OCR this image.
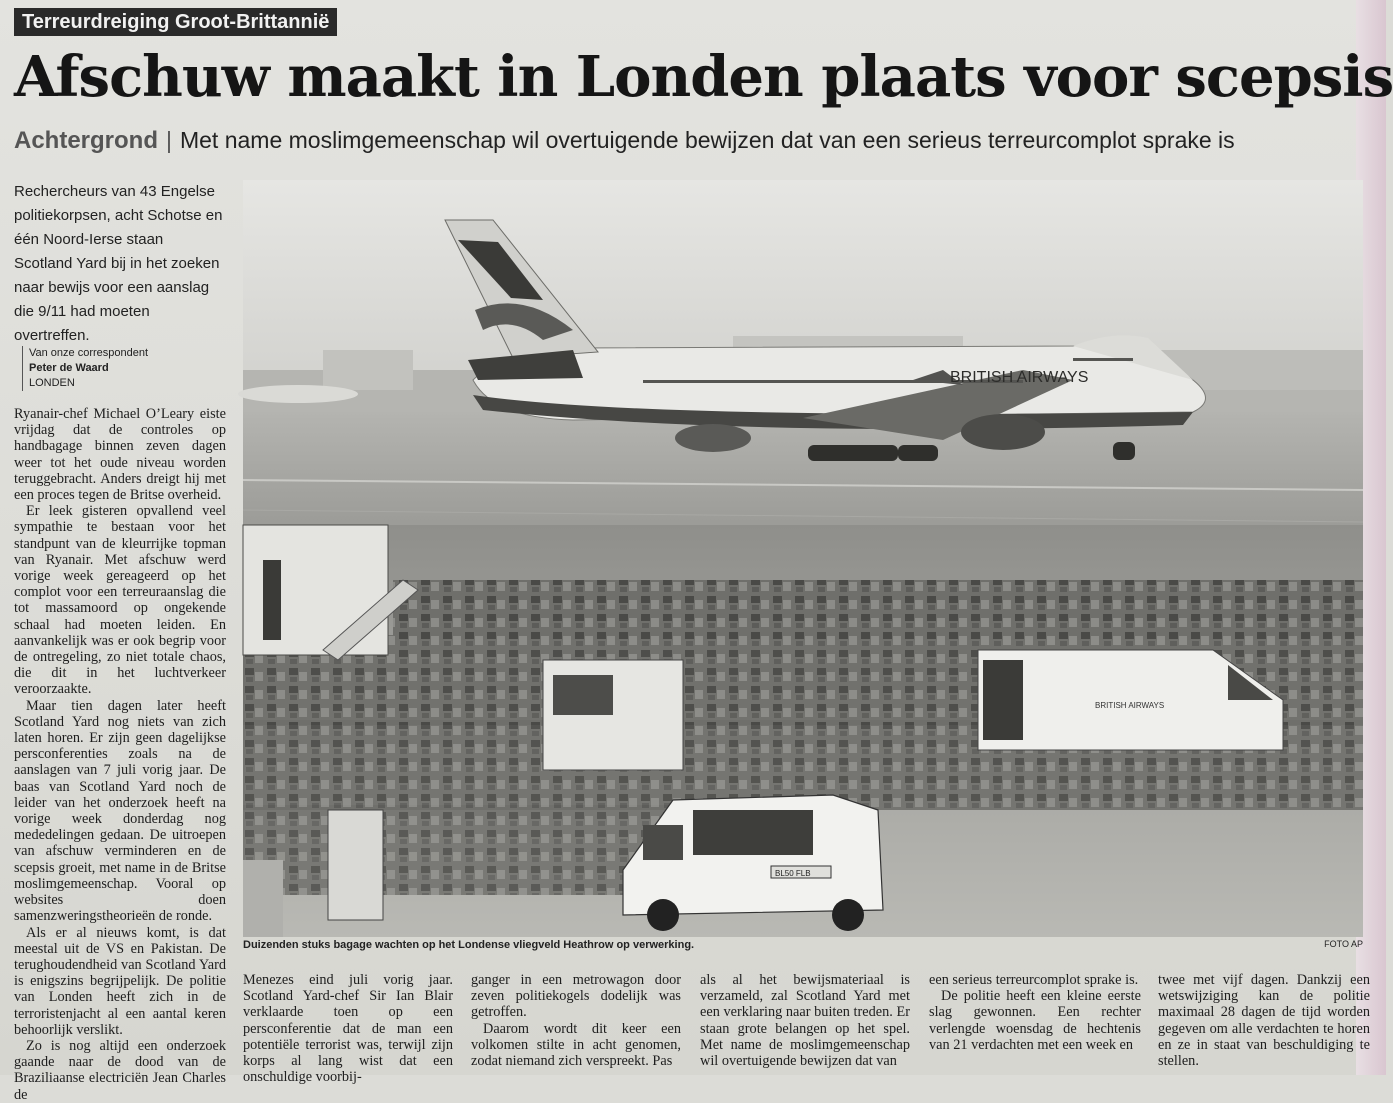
Terreurdreiging Groot-Brittannië
Afschuw maakt in Londen plaats voor scepsis
Achtergrond | Met name moslimgemeenschap wil overtuigende bewijzen dat van een serieus terreurcomplot sprake is
Rechercheurs van 43 Engelse politiekorpsen, acht Schotse en één Noord-Ierse staan Scotland Yard bij in het zoeken naar bewijs voor een aanslag die 9/11 had moeten overtreffen.
Van onze correspondent
Peter de Waard
LONDEN

Ryanair-chef Michael O’Leary eiste vrijdag dat de controles op handbagage binnen zeven dagen weer tot het oude niveau worden teruggebracht. Anders dreigt hij met een proces tegen de Britse overheid.

Er leek gisteren opvallend veel sympathie te bestaan voor het standpunt van de kleurrijke topman van Ryanair. Met afschuw werd vorige week gereageerd op het complot voor een terreuraanslag die tot massamoord op ongekende schaal had moeten leiden. En aanvankelijk was er ook begrip voor de ontregeling, zo niet totale chaos, die dit in het luchtverkeer veroorzaakte.

Maar tien dagen later heeft Scotland Yard nog niets van zich laten horen. Er zijn geen dagelijkse persconferenties zoals na de aanslagen van 7 juli vorig jaar. De baas van Scotland Yard noch de leider van het onderzoek heeft na vorige week donderdag nog mededelingen gedaan. De uitroepen van afschuw verminderen en de scepsis groeit, met name in de Britse moslimgemeenschap. Vooral op websites doen samenzweringstheorieën de ronde.

Als er al nieuws komt, is dat meestal uit de VS en Pakistan. De terughoudendheid van Scotland Yard is enigszins begrijpelijk. De politie van Londen heeft zich in de terroristenjacht al een aantal keren behoorlijk verslikt.

Zo is nog altijd een onderzoek gaande naar de dood van de Braziliaanse electriciën Jean Charles de

BRITISH AIRWAYS
BRITISH AIRWAYS
BL50 FLB
Duizenden stuks bagage wachten op het Londense vliegveld Heathrow op verwerking.	FOTO AP

Menezes eind juli vorig jaar. Scotland Yard-chef Sir Ian Blair verklaarde toen op een persconferentie dat de man een potentiële terrorist was, terwijl zijn korps al lang wist dat een onschuldige voorbij-

ganger in een metrowagon door zeven politiekogels dodelijk was getroffen.

Daarom wordt dit keer een volkomen stilte in acht genomen, zodat niemand zich verspreekt. Pas

als al het bewijsmateriaal is verzameld, zal Scotland Yard met een verklaring naar buiten treden. Er staan grote belangen op het spel. Met name de moslimgemeenschap wil overtuigende bewijzen dat van

een serieus terreurcomplot sprake is.

De politie heeft een kleine eerste slag gewonnen. Een rechter verlengde woensdag de hechtenis van 21 verdachten met een week en

twee met vijf dagen. Dankzij een wetswijziging kan de politie maximaal 28 dagen de tijd worden gegeven om alle verdachten te horen en ze in staat van beschuldiging te stellen.
